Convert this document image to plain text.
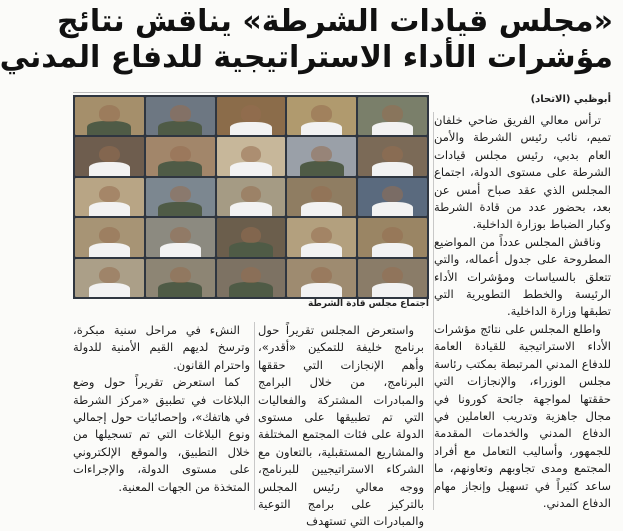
«مجلس قيادات الشرطة» يناقش نتائج
مؤشرات الأداء الاستراتيجية للدفاع المدني
أبوظبي (الاتحاد)
اجتماع مجلس قادة الشرطة

ترأس معالي الفريق ضاحي خلفان تميم، نائب رئيس الشرطة والأمن العام بدبي، رئيس مجلس قيادات الشرطة على مستوى الدولة، اجتماع المجلس الذي عقد صباح أمس عن بعد، بحضور عدد من قادة الشرطة وكبار الضباط بوزارة الداخلية.

وناقش المجلس عدداً من المواضيع المطروحة على جدول أعماله، والتي تتعلق بالسياسات ومؤشرات الأداء الرئيسة والخطط التطويرية التي تطبقها وزارة الداخلية.

واطلع المجلس على نتائج مؤشرات الأداء الاستراتيجية للقيادة العامة للدفاع المدني المرتبطة بمكتب رئاسة مجلس الوزراء، والإنجازات التي حققتها لمواجهة جائحة كورونا في مجال جاهزية وتدريب العاملين في الدفاع المدني والخدمات المقدمة للجمهور، وأساليب التعامل مع أفراد المجتمع ومدى تجاوبهم وتعاونهم، ما ساعد كثيراً في تسهيل وإنجاز مهام الدفاع المدني.

واستعرض المجلس تقريراً حول برنامج خليفة للتمكين «أقدر»، وأهم الإنجازات التي حققها البرنامج، من خلال البرامج والمبادرات المشتركة والفعاليات التي تم تطبيقها على مستوى الدولة على فئات المجتمع المختلفة والمشاريع المستقبلية، بالتعاون مع الشركاء الاستراتيجيين للبرنامج، ووجه معالي رئيس المجلس بالتركيز على برامج التوعية والمبادرات التي تستهدف

النشء في مراحل سنية مبكرة، وترسخ لديهم القيم الأمنية للدولة واحترام القانون.

كما استعرض تقريراً حول وضع البلاغات في تطبيق «مركز الشرطة في هاتفك»، وإحصائيات حول إجمالي ونوع البلاغات التي تم تسجيلها من خلال التطبيق، والموقع الإلكتروني على مستوى الدولة، والإجراءات المتخذة من الجهات المعنية.
